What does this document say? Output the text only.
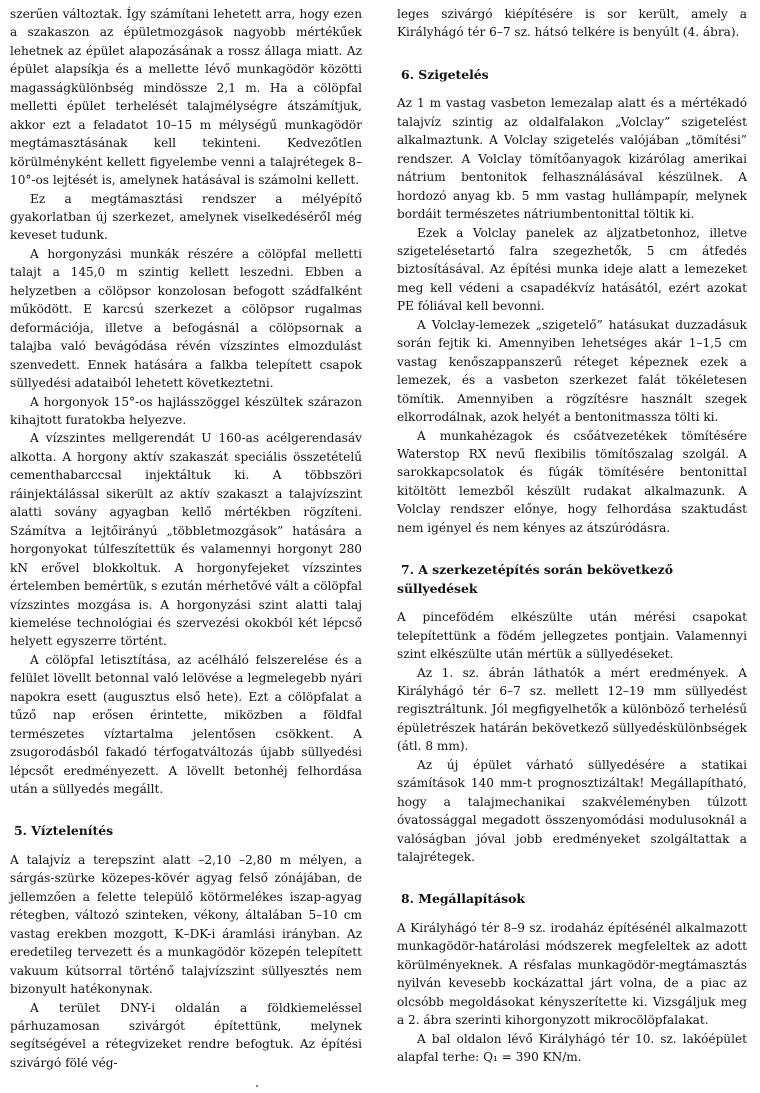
szerűen változtak. Így számítani lehetett arra, hogy ezen a szakaszon az épületmozgások nagyobb mértékűek lehetnek az épület alapozásának a rossz állaga miatt. Az épület alapsíkja és a mellette lévő munkagödör közötti magasságkülönbség mindössze 2,1 m. Ha a cölöpfal melletti épület terhelését talajmélységre átszámítjuk, akkor ezt a feladatot 10–15 m mélységű munkagödör megtámasztásának kell tekinteni. Kedvezőtlen körülményként kellett figyelembe venni a talajrétegek 8–10°-os lejtését is, amelynek hatásával is számolni kellett.

Ez a megtámasztási rendszer a mélyépítő gyakorlatban új szerkezet, amelynek viselkedéséről még keveset tudunk.

A horgonyzási munkák részére a cölöpfal melletti talajt a 145,0 m szintig kellett leszedni. Ebben a helyzetben a cölöpsor konzolosan befogott szádfalként működött. E karcsú szerkezet a cölöpsor rugalmas deformációja, illetve a befogásnál a cölöpsornak a talajba való bevágódása révén vízszintes elmozdulást szenvedett. Ennek hatására a falkba telepített csapok süllyedési adataiból lehetett következtetni.

A horgonyok 15°-os hajlásszöggel készültek szárazon kihajtott furatokba helyezve.

A vízszintes mellgerendát U 160-as acélgerendasáv alkotta. A horgony aktív szakaszát speciális összetételű cementhabarccsal injektáltuk ki. A többszöri ráinjektálással sikerült az aktív szakaszt a talajvízszint alatti sovány agyagban kellő mértékben rögzíteni. Számítva a lejtőirányú „többletmozgások” hatására a horgonyokat túlfeszítettük és valamennyi horgonyt 280 kN erővel blokkoltuk. A horgonyfejeket vízszintes értelemben bemértük, s ezután mérhetővé vált a cölöpfal vízszintes mozgása is. A horgonyzási szint alatti talaj kiemelése technológiai és szervezési okokból két lépcső helyett egyszerre történt.

A cölöpfal letisztítása, az acélháló felszerelése és a felület lövellt betonnal való lelövése a legmelegebb nyári napokra esett (augusztus első hete). Ezt a cölöpfalat a tűző nap erősen érintette, miközben a földfal természetes víztartalma jelentősen csökkent. A zsugorodásból fakadó térfogatváltozás újabb süllyedési lépcsőt eredményezett. A lövellt betonhéj felhordása után a süllyedés megállt.

5. Víztelenítés

A talajvíz a terepszint alatt –2,10 –2,80 m mélyen, a sárgás-szürke közepes-kövér agyag felső zónájában, de jellemzően a felette települő kötörmelékes iszap-agyag rétegben, változó szinteken, vékony, általában 5–10 cm vastag erekben mozgott, K–DK-i áramlási irányban. Az eredetileg tervezett és a munkagödör közepén telepített vakuum kútsorral történő talajvízszint süllyesztés nem bizonyult hatékonynak.

A terület DNY-i oldalán a földkiemeléssel párhuzamosan szivárgót építettünk, melynek segítségével a rétegvizeket rendre befogtuk. Az építési szivárgó fölé vég-

leges szivárgó kiépítésére is sor került, amely a Királyhágó tér 6–7 sz. hátsó telkére is benyúlt (4. ábra).

6. Szigetelés

Az 1 m vastag vasbeton lemezalap alatt és a mértékadó talajvíz szintig az oldalfalakon „Volclay” szigetelést alkalmaztunk. A Volclay szigetelés valójában „tömítési” rendszer. A Volclay tömítőanyagok kizárólag amerikai nátrium bentonitok felhasználásával készülnek. A hordozó anyag kb. 5 mm vastag hullámpapír, melynek bordáit természetes nátriumbentonittal töltik ki.

Ezek a Volclay panelek az aljzatbetonhoz, illetve szigetelésetartó falra szegezhetők, 5 cm átfedés biztosításával. Az építési munka ideje alatt a lemezeket meg kell védeni a csapadékvíz hatásától, ezért azokat PE fóliával kell bevonni.

A Volclay-lemezek „szigetelő” hatásukat duzzadásuk során fejtik ki. Amennyiben lehetséges akár 1–1,5 cm vastag kenőszappanszerű réteget képeznek ezek a lemezek, és a vasbeton szerkezet falát tökéletesen tömítik. Amennyiben a rögzítésre használt szegek elkorrodálnak, azok helyét a bentonitmassza tölti ki.

A munkahézagok és csőátvezetékek tömítésére Waterstop RX nevű flexibilis tömítőszalag szolgál. A sarokkapcsolatok és fúgák tömítésére bentonittal kitöltött lemezből készült rudakat alkalmazunk. A Volclay rendszer előnye, hogy felhordása szaktudást nem igényel és nem kényes az átszúródásra.

7. A szerkezetépítés során bekövetkező süllyedések

A pincefödém elkészülte után mérési csapokat telepítettünk a födém jellegzetes pontjain. Valamennyi szint elkészülte után mértük a süllyedéseket.

Az 1. sz. ábrán láthatók a mért eredmények. A Királyhágó tér 6–7 sz. mellett 12–19 mm süllyedést regisztráltunk. Jól megfigyelhetők a különböző terhelésű épületrészek határán bekövetkező süllyedéskülönbségek (átl. 8 mm).

Az új épület várható süllyedésére a statikai számítások 140 mm-t prognosztizáltak! Megállapítható, hogy a talajmechanikai szakvéleményben túlzott óvatossággal megadott összenyomódási modulusoknál a valóságban jóval jobb eredményeket szolgáltattak a talajrétegek.

8. Megállapítások

A Királyhágó tér 8–9 sz. irodaház építésénél alkalmazott munkagödör-határolási módszerek megfeleltek az adott körülményeknek. A résfalas munkagödör-megtámasztás nyilván kevesebb kockázattal járt volna, de a piac az olcsóbb megoldásokat kényszerítette ki. Vizsgáljuk meg a 2. ábra szerinti kihorgonyzott mikrocölöpfalakat.

A bal oldalon lévő Királyhágó tér 10. sz. lakóépület alapfal terhe: Q₁ = 390 KN/m.
